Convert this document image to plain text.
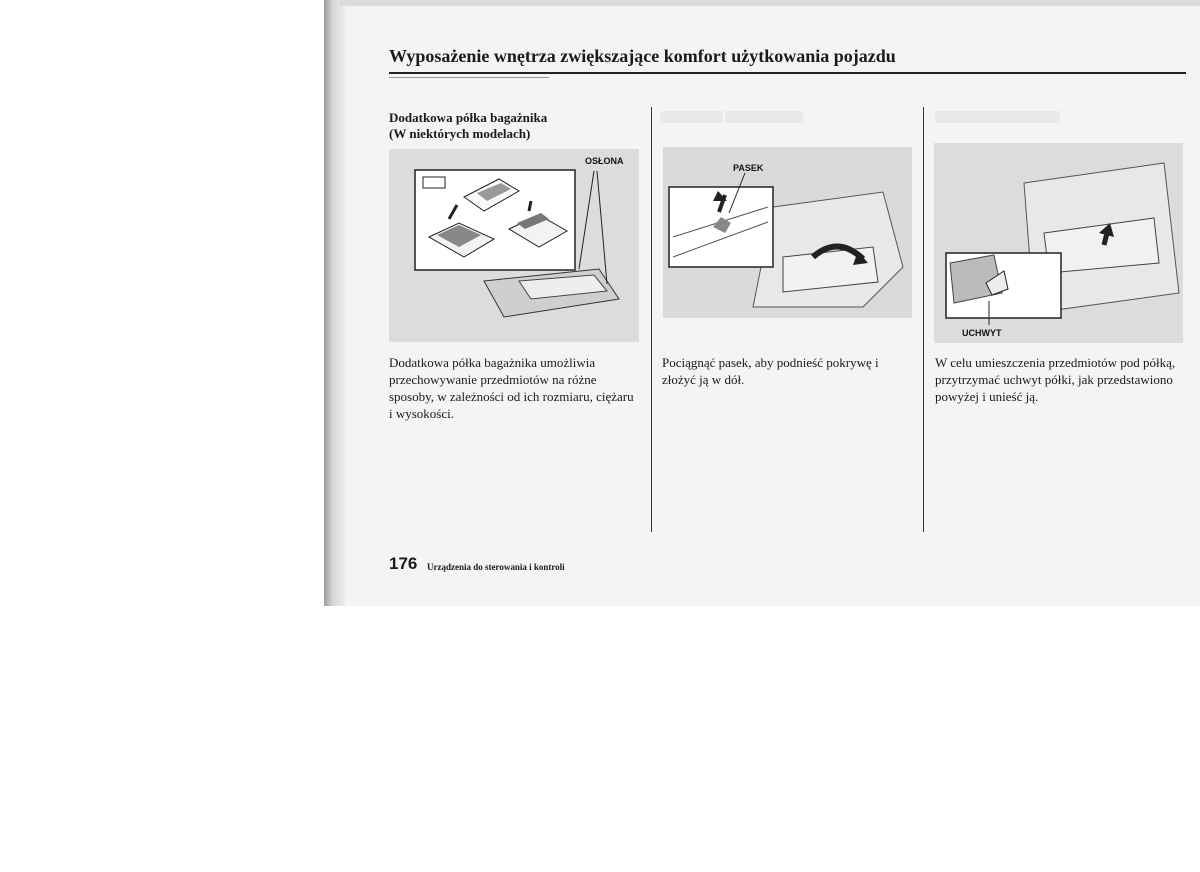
Wyposażenie wnętrza zwiększające komfort użytkowania pojazdu
▒▒▒▒▒▒▒▒ ▒▒▒▒▒▒▒▒▒▒	▒▒▒▒▒▒▒▒▒▒▒▒▒▒▒▒
Dodatkowa półka bagażnika
(W niektórych modelach)
OSŁONA
Dodatkowa półka bagażnika umożliwia przechowywanie przedmiotów na różne sposoby, w zależności od ich rozmiaru, ciężaru i wysokości.
PASEK
Pociągnąć pasek, aby podnieść pokrywę i złożyć ją w dół.
UCHWYT
W celu umieszczenia przedmiotów pod półką, przytrzymać uchwyt półki, jak przedstawiono powyżej i unieść ją.
176 Urządzenia do sterowania i kontroli
